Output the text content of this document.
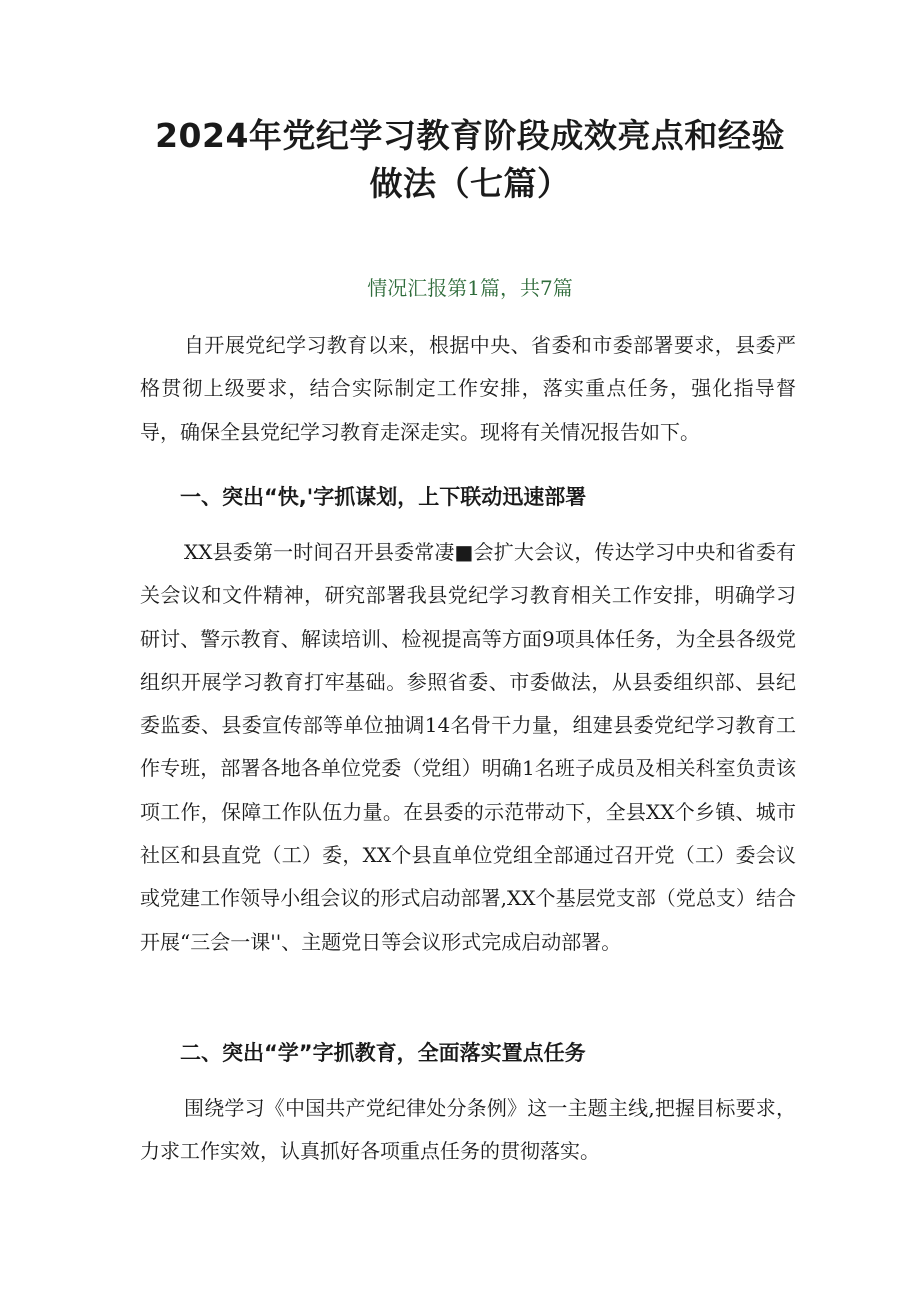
2024年党纪学习教育阶段成效亮点和经验
做法（七篇）

情况汇报第1篇，共7篇

自开展党纪学习教育以来，根据中央、省委和市委部署要求，县委严格贯彻上级要求，结合实际制定工作安排，落实重点任务，强化指导督导，确保全县党纪学习教育走深走实。现将有关情况报告如下。

一、突出“快,'字抓谋划，上下联动迅速部署

XX县委第一时间召开县委常凄■会扩大会议，传达学习中央和省委有关会议和文件精神，研究部署我县党纪学习教育相关工作安排，明确学习研讨、警示教育、解读培训、检视提高等方面9项具体任务，为全县各级党组织开展学习教育打牢基础。参照省委、市委做法，从县委组织部、县纪委监委、县委宣传部等单位抽调14名骨干力量，组建县委党纪学习教育工作专班，部署各地各单位党委（党组）明确1名班子成员及相关科室负责该项工作，保障工作队伍力量。在县委的示范带动下，全县XX个乡镇、城市社区和县直党（工）委，XX个县直单位党组全部通过召开党（工）委会议或党建工作领导小组会议的形式启动部署,XX个基层党支部（党总支）结合开展“三会一课''、主题党日等会议形式完成启动部署。

二、突出“学”字抓教育，全面落实置点任务

围绕学习《中国共产党纪律处分条例》这一主题主线,把握目标要求，力求工作实效，认真抓好各项重点任务的贯彻落实。
